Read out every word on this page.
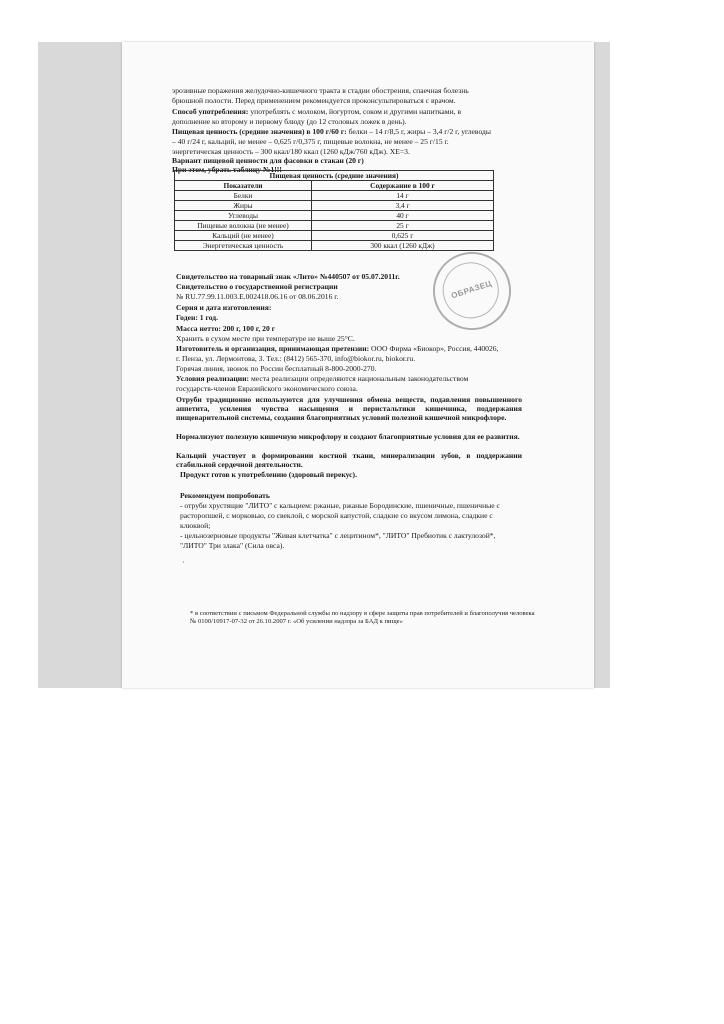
эрозивные поражения желудочно-кишечного тракта в стадии обострения, спаечная болезнь
брюшной полости. Перед применением рекомендуется проконсультироваться с врачом.
Способ употребления: употреблять с молоком, йогуртом, соком и другими напитками, в
дополнение ко второму и первому блюду (до 12 столовых ложек в день).
Пищевая ценность (средние значения) в 100 г/60 г: белки – 14 г/8,5 г, жиры – 3,4 г/2 г, углеводы
– 40 г/24 г, кальций, не менее – 0,625 г/0,375 г, пищевые волокна, не менее – 25 г/15 г.
энергетическая ценность – 300 ккал/180 ккал (1260 кДж/760 кДж). XE=3.
Вариант пищевой ценности для фасовки в стакан (20 г)
При этом, убрать таблицу №1!!!
Пищевая ценность (средние значения)	
Показатели	Содержание в 100 г
Белки	14 г
Жиры	3,4 г
Углеводы	40 г
Пищевые волокна (не менее)	25 г
Кальций (не менее)	0,625 г
Энергетическая ценность	300 ккал (1260 кДж)
ОБРАЗЕЦ
Свидетельство на товарный знак «Лито» №440507 от 05.07.2011г.
Свидетельство о государственной регистрации
№ RU.77.99.11.003.Е.002418.06.16 от 08.06.2016 г.
Серия и дата изготовления:
Годен: 1 год.
Масса нетто: 200 г, 100 г, 20 г
Хранить в сухом месте при температуре не выше 25°С.
Изготовитель и организация, принимающая претензии: ООО Фирма «Биокор», Россия, 440026,
г. Пенза, ул. Лермонтова, 3. Тел.: (8412) 565-370, info@biokor.ru, biokor.ru.
Горячая линия, звонок по России бесплатный 8-800-2000-270.
Условия реализации: места реализации определяются национальным законодательством
государств-членов Евразийского экономического союза.
Отруби традиционно используются для улучшения обмена веществ, подавления повышенного аппетита, усиления чувства насыщения и перистальтики кишечника, поддержания пищеварительной системы, создания благоприятных условий полезной кишечной микрофлоре.
Нормализуют полезную кишечную микрофлору и создают благоприятные условия для ее развития.
Кальций участвует в формировании костной ткани, минерализации зубов, в поддержании стабильной сердечной деятельности.
Продукт готов к употреблению (здоровый перекус).
Рекомендуем попробовать
- отруби хрустящие "ЛИТО" с кальцием: ржаные, ржаные Бородинские, пшеничные, пшеничные с
расторопшей, с морковью, со свеклой, с морской капустой, сладкие со вкусом лимона, сладкие с
клюквой;
- цельнозерновые продукты "Живая клетчатка" с лецитином*, "ЛИТО" Пребиотик с лактулозой*,
"ЛИТО" Три злака" (Сила овса).
·
* в соответствии с письмом Федеральной службы по надзору в сфере защиты прав потребителей и благополучия человека № 0100/10917-07-32 от 26.10.2007 г. «Об усилении надзора за БАД к пище»
